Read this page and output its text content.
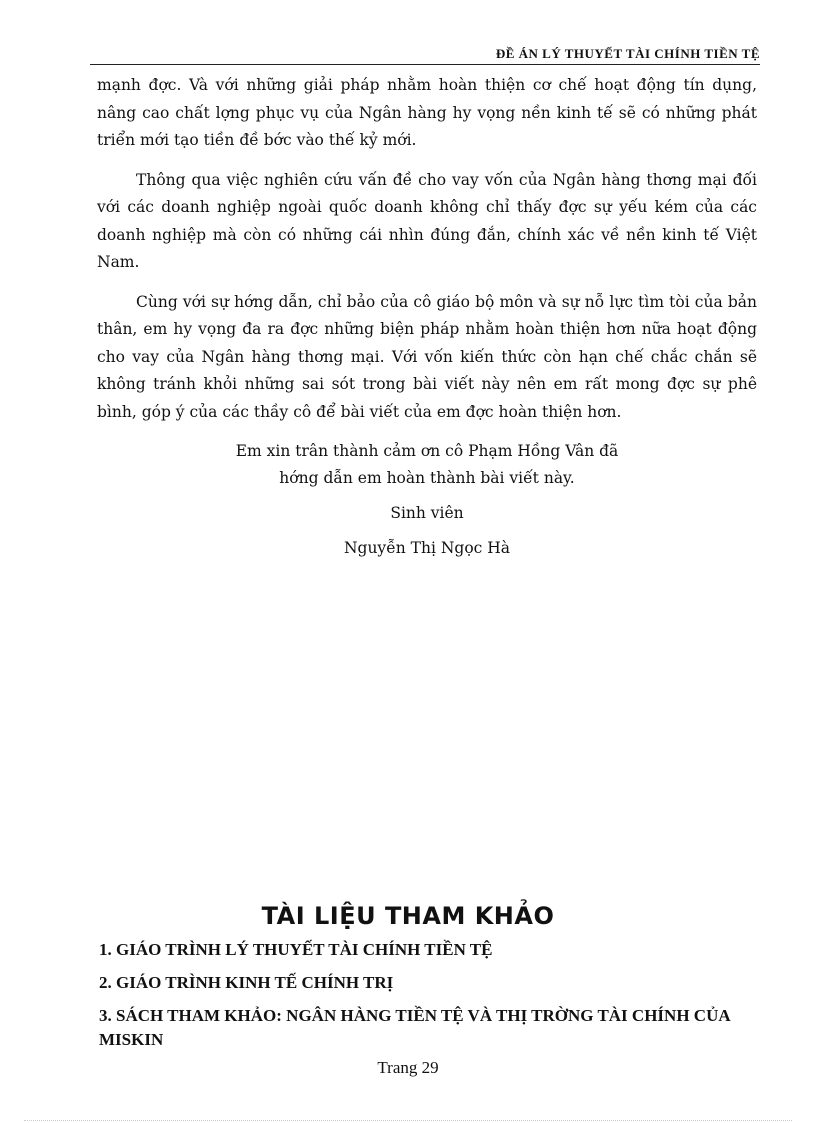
ĐỀ ÁN LÝ THUYẾT TÀI CHÍNH TIỀN TỆ

mạnh đợc. Và với những giải pháp nhằm hoàn thiện cơ chế hoạt động tín dụng, nâng cao chất lợng phục vụ của Ngân hàng hy vọng nền kinh tế sẽ có những phát triển mới tạo tiền đề bớc vào thế kỷ mới.

Thông qua việc nghiên cứu vấn đề cho vay vốn của Ngân hàng thơng mại đối với các doanh nghiệp ngoài quốc doanh không chỉ thấy đợc sự yếu kém của các doanh nghiệp mà còn có những cái nhìn đúng đắn, chính xác về nền kinh tế Việt Nam.

Cùng với sự hớng dẫn, chỉ bảo của cô giáo bộ môn và sự nỗ lực tìm tòi của bản thân, em hy vọng đa ra đợc những biện pháp nhằm hoàn thiện hơn nữa hoạt động cho vay của Ngân hàng thơng mại. Với vốn kiến thức còn hạn chế chắc chắn sẽ không tránh khỏi những sai sót trong bài viết này nên em rất mong đợc sự phê bình, góp ý của các thầy cô để bài viết của em đợc hoàn thiện hơn.

Em xin trân thành cảm ơn cô Phạm Hồng Vân đã

hớng dẫn em hoàn thành bài viết này.

Sinh viên

Nguyễn Thị Ngọc Hà

TÀI LIỆU THAM KHẢO
1. GIÁO TRÌNH LÝ THUYẾT TÀI CHÍNH TIỀN TỆ
2. GIÁO TRÌNH KINH TẾ CHÍNH TRỊ
3. SÁCH THAM KHẢO: NGÂN HÀNG TIỀN TỆ VÀ THỊ TRỜNG TÀI CHÍNH CỦA MISKIN
Trang 29
